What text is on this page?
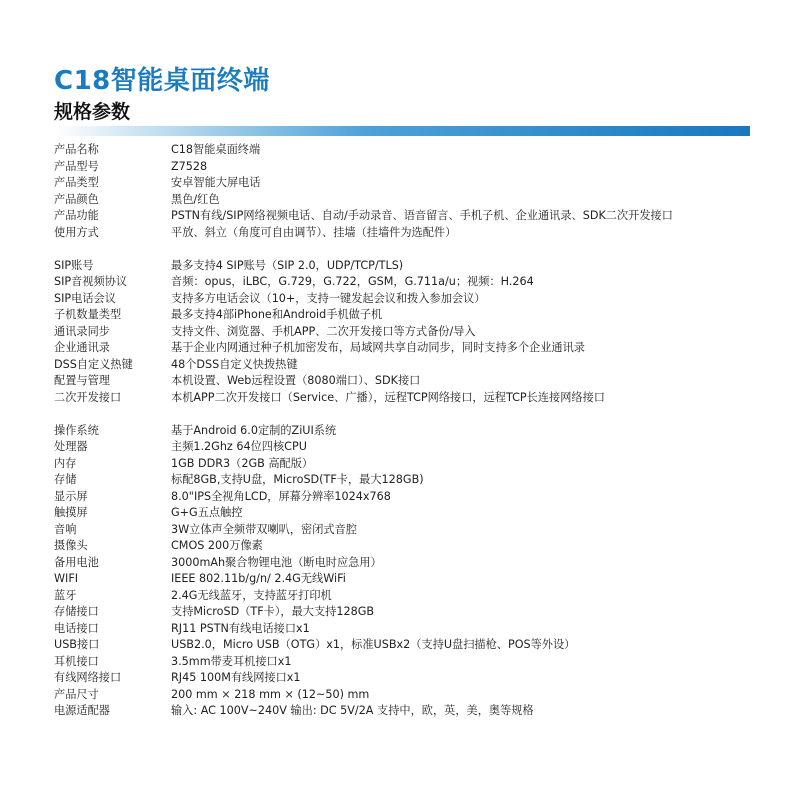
C18智能桌面终端
规格参数
产品名称	C18智能桌面终端
产品型号	Z7528
产品类型	安卓智能大屏电话
产品颜色	黑色/红色
产品功能	PSTN有线/SIP网络视频电话、自动/手动录音、语音留言、手机子机、企业通讯录、SDK二次开发接口
使用方式	平放、斜立（角度可自由调节）、挂墙（挂墙件为选配件）
SIP账号	最多支持4 SIP账号（SIP 2.0，UDP/TCP/TLS)
SIP音视频协议	音频：opus，iLBC，G.729，G.722，GSM，G.711a/u；视频：H.264
SIP电话会议	支持多方电话会议（10+，支持一键发起会议和拨入参加会议）
子机数量类型	最多支持4部iPhone和Android手机做子机
通讯录同步	支持文件、浏览器、手机APP、二次开发接口等方式备份/导入
企业通讯录	基于企业内网通过种子机加密发布，局域网共享自动同步，同时支持多个企业通讯录
DSS自定义热键	48个DSS自定义快拨热键
配置与管理	本机设置、Web远程设置（8080端口）、SDK接口
二次开发接口	本机APP二次开发接口（Service、广播），远程TCP网络接口，远程TCP长连接网络接口
操作系统	基于Android 6.0定制的ZiUI系统
处理器	主频1.2Ghz 64位四核CPU
内存	1GB DDR3（2GB 高配版）
存储	标配8GB,支持U盘，MicroSD(TF卡，最大128GB)
显示屏	8.0"IPS全视角LCD，屏幕分辨率1024x768
触摸屏	G+G五点触控
音响	3W立体声全频带双喇叭，密闭式音腔
摄像头	CMOS 200万像素
备用电池	3000mAh聚合物锂电池（断电时应急用）
WIFI	IEEE 802.11b/g/n/ 2.4G无线WiFi
蓝牙	2.4G无线蓝牙，支持蓝牙打印机
存储接口	支持MicroSD（TF卡），最大支持128GB
电话接口	RJ11 PSTN有线电话接口x1
USB接口	USB2.0，Micro USB（OTG）x1，标准USBx2（支持U盘扫描枪、POS等外设）
耳机接口	3.5mm带麦耳机接口x1
有线网络接口	RJ45 100M有线网接口x1
产品尺寸	200 mm × 218 mm × (12~50) mm
电源适配器	输入: AC 100V~240V 输出: DC 5V/2A 支持中，欧，英，美，奥等规格
